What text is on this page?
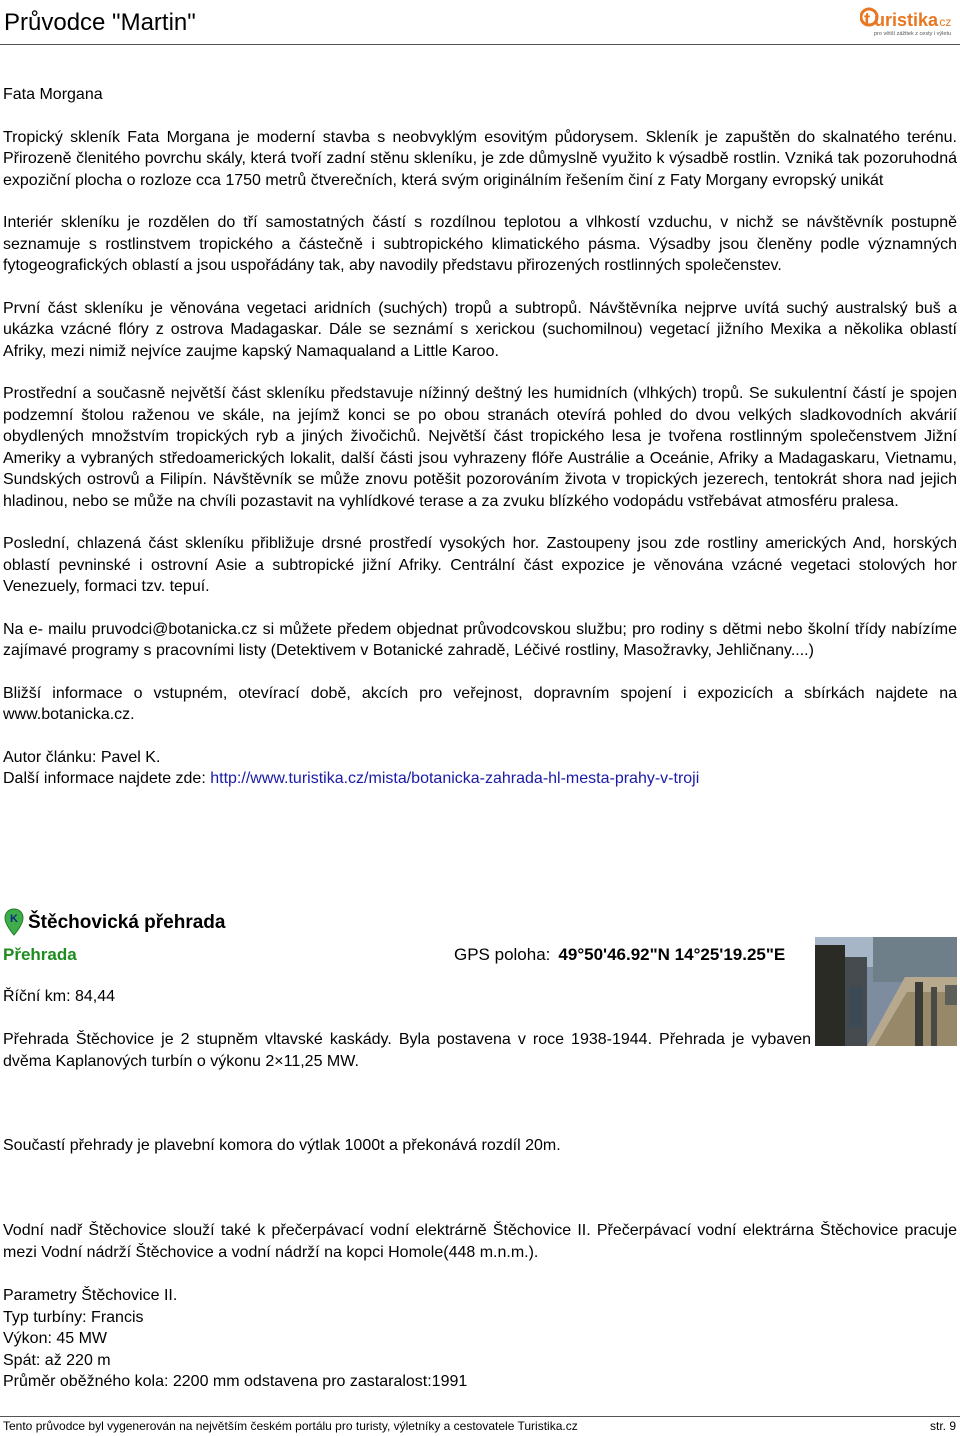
Průvodce "Martin"	t uristika
.cz
pro větší zážitek z cesty i výletu

Fata Morgana

Tropický skleník Fata Morgana je moderní stavba s neobvyklým esovitým půdorysem. Skleník je zapuštěn do skalnatého terénu. Přirozeně členitého povrchu skály, která tvoří zadní stěnu skleníku, je zde důmyslně využito k výsadbě rostlin. Vzniká tak pozoruhodná expoziční plocha o rozloze cca 1750 metrů čtverečních, která svým originálním řešením činí z Faty Morgany evropský unikát

Interiér skleníku je rozdělen do tří samostatných částí s rozdílnou teplotou a vlhkostí vzduchu, v nichž se návštěvník postupně seznamuje s rostlinstvem tropického a částečně i subtropického klimatického pásma. Výsadby jsou členěny podle významných fytogeografických oblastí a jsou uspořádány tak, aby navodily představu přirozených rostlinných společenstev.

První část skleníku je věnována vegetaci aridních (suchých) tropů a subtropů. Návštěvníka nejprve uvítá suchý australský buš a ukázka vzácné flóry z ostrova Madagaskar. Dále se seznámí s xerickou (suchomilnou) vegetací jižního Mexika a několika oblastí Afriky, mezi nimiž nejvíce zaujme kapský Namaqualand a Little Karoo.

Prostřední a současně největší část skleníku představuje nížinný deštný les humidních (vlhkých) tropů. Se sukulentní částí je spojen podzemní štolou raženou ve skále, na jejímž konci se po obou stranách otevírá pohled do dvou velkých sladkovodních akvárií obydlených množstvím tropických ryb a jiných živočichů. Největší část tropického lesa je tvořena rostlinným společenstvem Jižní Ameriky a vybraných středoamerických lokalit, další části jsou vyhrazeny flóře Austrálie a Oceánie, Afriky a Madagaskaru, Vietnamu, Sundských ostrovů a Filipín. Návštěvník se může znovu potěšit pozorováním života v tropických jezerech, tentokrát shora nad jejich hladinou, nebo se může na chvíli pozastavit na vyhlídkové terase a za zvuku blízkého vodopádu vstřebávat atmosféru pralesa.

Poslední, chlazená část skleníku přibližuje drsné prostředí vysokých hor. Zastoupeny jsou zde rostliny amerických And, horských oblastí pevninské i ostrovní Asie a subtropické jižní Afriky. Centrální část expozice je věnována vzácné vegetaci stolových hor Venezuely, formaci tzv. tepuí.

Na e- mailu pruvodci@botanicka.cz si můžete předem objednat průvodcovskou službu; pro rodiny s dětmi nebo školní třídy nabízíme zajímavé programy s pracovními listy (Detektivem v Botanické zahradě, Léčivé rostliny, Masožravky, Jehličnany....)

Bližší informace o vstupném, otevírací době, akcích pro veřejnost, dopravním spojení i expozicích a sbírkách najdete na www.botanicka.cz.

Autor článku: Pavel K.

Další informace najdete zde: http://www.turistika.cz/mista/botanicka-zahrada-hl-mesta-prahy-v-troji

K Štěchovická přehrada
Přehrada	GPS poloha: 49°50'46.92"N 14°25'19.25"E
Říční km: 84,44
Přehrada Štěchovice je 2 stupněm vltavské kaskády. Byla postavena v roce 1938-1944. Přehrada je vybaven dvěma Kaplanových turbín o výkonu 2×11,25 MW.
Součastí přehrady je plavební komora do výtlak 1000t a překonává rozdíl 20m.
Vodní nadř Štěchovice slouží také k přečerpávací vodní elektrárně Štěchovice II. Přečerpávací vodní elektrárna Štěchovice pracuje mezi Vodní nádrží Štěchovice a vodní nádrží na kopci Homole(448 m.n.m.).
Parametry Štěchovice II.
Typ turbíny: Francis
Výkon: 45 MW
Spát: až 220 m
Průměr oběžného kola: 2200 mm odstavena pro zastaralost:1991
Tento průvodce byl vygenerován na největším českém portálu pro turisty, výletníky a cestovatele Turistika.cz	str. 9
